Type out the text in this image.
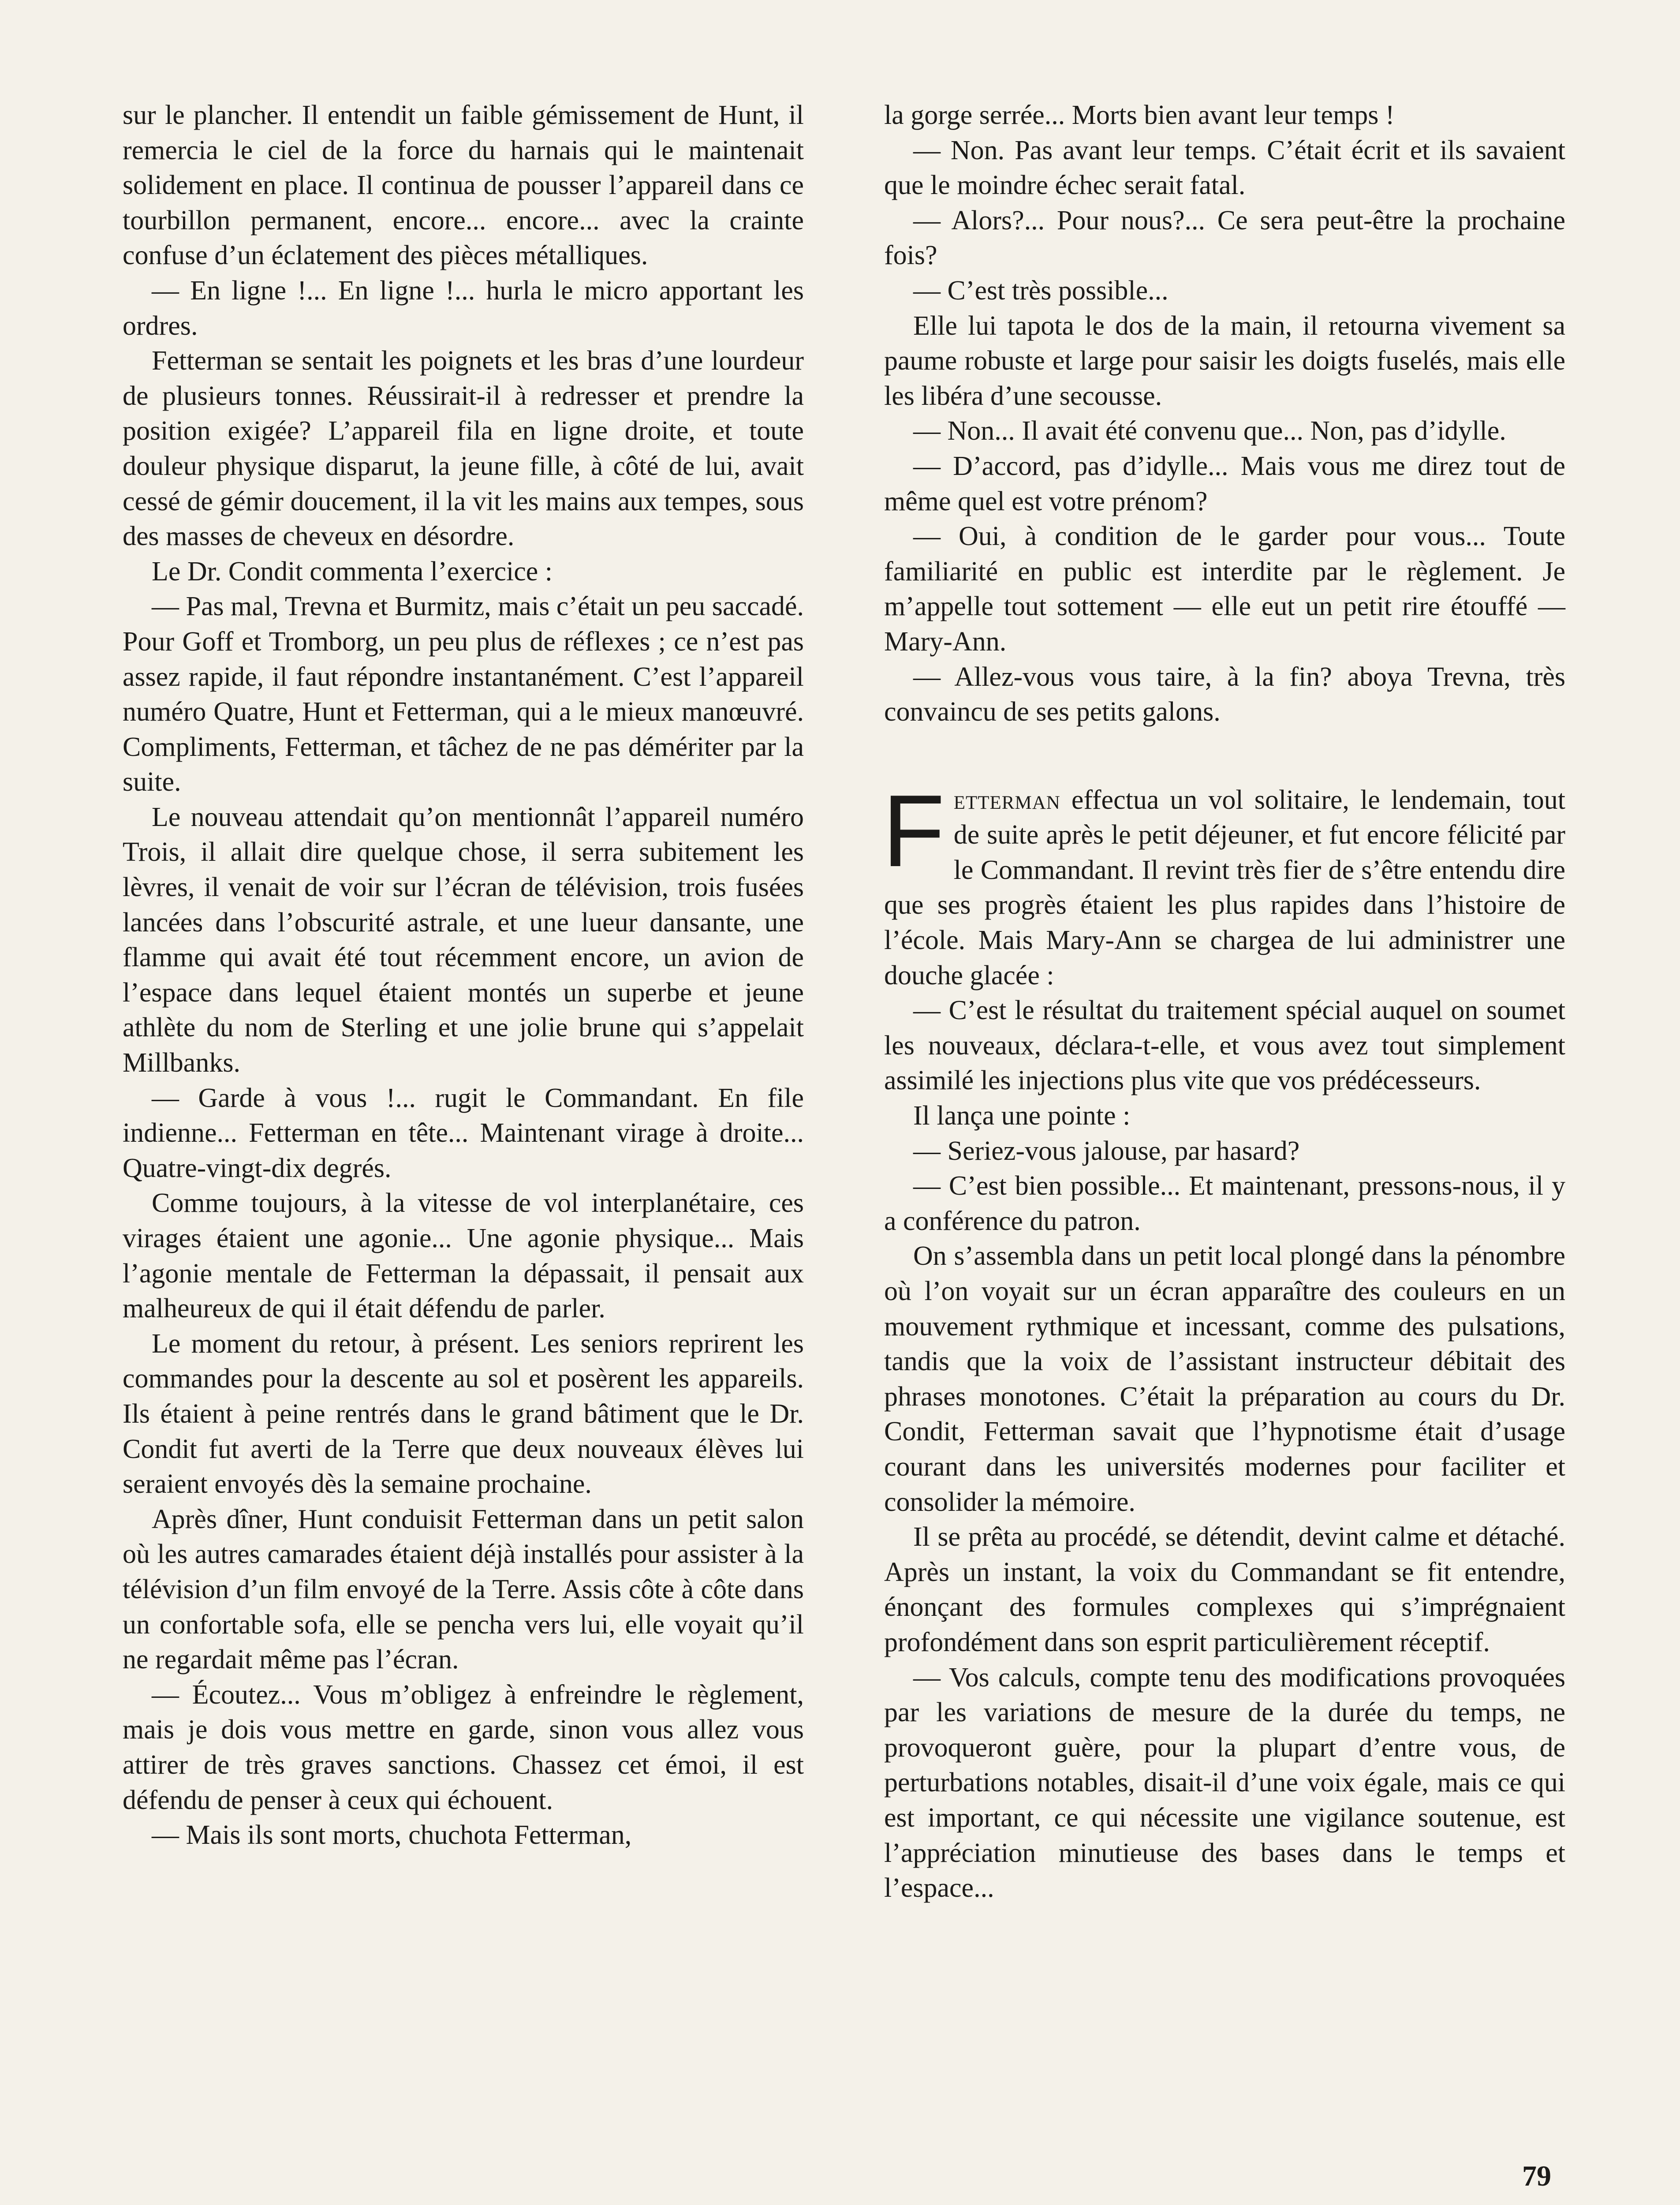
sur le plancher. Il entendit un faible gémissement de Hunt, il remercia le ciel de la force du harnais qui le maintenait solidement en place. Il continua de pousser l’appareil dans ce tourbillon permanent, encore... encore... avec la crainte confuse d’un éclatement des pièces métalliques.

— En ligne !... En ligne !... hurla le micro apportant les ordres.

Fetterman se sentait les poignets et les bras d’une lourdeur de plusieurs tonnes. Réussirait-il à redresser et prendre la position exigée? L’appareil fila en ligne droite, et toute douleur physique disparut, la jeune fille, à côté de lui, avait cessé de gémir doucement, il la vit les mains aux tempes, sous des masses de cheveux en désordre.

Le Dr. Condit commenta l’exercice :

— Pas mal, Trevna et Burmitz, mais c’était un peu saccadé. Pour Goff et Tromborg, un peu plus de réflexes ; ce n’est pas assez rapide, il faut répondre instantanément. C’est l’appareil numéro Quatre, Hunt et Fetterman, qui a le mieux manœuvré. Compliments, Fetterman, et tâchez de ne pas démériter par la suite.

Le nouveau attendait qu’on mentionnât l’appareil numéro Trois, il allait dire quelque chose, il serra subitement les lèvres, il venait de voir sur l’écran de télévision, trois fusées lancées dans l’obscurité astrale, et une lueur dansante, une flamme qui avait été tout récemment encore, un avion de l’espace dans lequel étaient montés un superbe et jeune athlète du nom de Sterling et une jolie brune qui s’appelait Millbanks.

— Garde à vous !... rugit le Commandant. En file indienne... Fetterman en tête... Maintenant virage à droite... Quatre-vingt-dix degrés.

Comme toujours, à la vitesse de vol interplanétaire, ces virages étaient une agonie... Une agonie physique... Mais l’agonie mentale de Fetterman la dépassait, il pensait aux malheureux de qui il était défendu de parler.

Le moment du retour, à présent. Les seniors reprirent les commandes pour la descente au sol et posèrent les appareils. Ils étaient à peine rentrés dans le grand bâtiment que le Dr. Condit fut averti de la Terre que deux nouveaux élèves lui seraient envoyés dès la semaine prochaine.

Après dîner, Hunt conduisit Fetterman dans un petit salon où les autres camarades étaient déjà installés pour assister à la télévision d’un film envoyé de la Terre. Assis côte à côte dans un confortable sofa, elle se pencha vers lui, elle voyait qu’il ne regardait même pas l’écran.

— Écoutez... Vous m’obligez à enfreindre le règlement, mais je dois vous mettre en garde, sinon vous allez vous attirer de très graves sanctions. Chassez cet émoi, il est défendu de penser à ceux qui échouent.

— Mais ils sont morts, chuchota Fetterman,

la gorge serrée... Morts bien avant leur temps !

— Non. Pas avant leur temps. C’était écrit et ils savaient que le moindre échec serait fatal.

— Alors?... Pour nous?... Ce sera peut-être la prochaine fois?

— C’est très possible...

Elle lui tapota le dos de la main, il retourna vivement sa paume robuste et large pour saisir les doigts fuselés, mais elle les libéra d’une secousse.

— Non... Il avait été convenu que... Non, pas d’idylle.

— D’accord, pas d’idylle... Mais vous me direz tout de même quel est votre prénom?

— Oui, à condition de le garder pour vous... Toute familiarité en public est interdite par le règlement. Je m’appelle tout sottement — elle eut un petit rire étouffé — Mary-Ann.

— Allez-vous vous taire, à la fin? aboya Trevna, très convaincu de ses petits galons.

Fetterman effectua un vol solitaire, le lendemain, tout de suite après le petit déjeuner, et fut encore félicité par le Commandant. Il revint très fier de s’être entendu dire que ses progrès étaient les plus rapides dans l’histoire de l’école. Mais Mary-Ann se chargea de lui administrer une douche glacée :

— C’est le résultat du traitement spécial auquel on soumet les nouveaux, déclara-t-elle, et vous avez tout simplement assimilé les injections plus vite que vos prédécesseurs.

Il lança une pointe :

— Seriez-vous jalouse, par hasard?

— C’est bien possible... Et maintenant, pressons-nous, il y a conférence du patron.

On s’assembla dans un petit local plongé dans la pénombre où l’on voyait sur un écran apparaître des couleurs en un mouvement rythmique et incessant, comme des pulsations, tandis que la voix de l’assistant instructeur débitait des phrases monotones. C’était la préparation au cours du Dr. Condit, Fetterman savait que l’hypnotisme était d’usage courant dans les universités modernes pour faciliter et consolider la mémoire.

Il se prêta au procédé, se détendit, devint calme et détaché. Après un instant, la voix du Commandant se fit entendre, énonçant des formules complexes qui s’imprégnaient profondément dans son esprit particulièrement réceptif.

— Vos calculs, compte tenu des modifications provoquées par les variations de mesure de la durée du temps, ne provoqueront guère, pour la plupart d’entre vous, de perturbations notables, disait-il d’une voix égale, mais ce qui est important, ce qui nécessite une vigilance soutenue, est l’appréciation minutieuse des bases dans le temps et l’espace...

79
